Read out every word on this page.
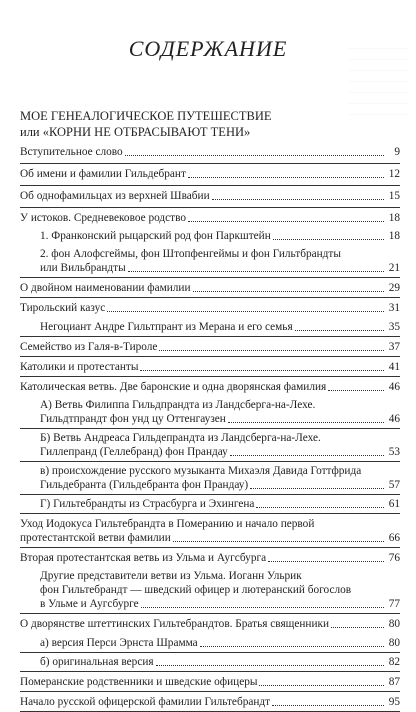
СОДЕРЖАНИЕ
МОЕ ГЕНЕАЛОГИЧЕСКОЕ ПУТЕШЕСТВИЕ
или «КОРНИ НЕ ОТБРАСЫВАЮТ ТЕНИ»
Вступительное слово	9
Об имени и фамилии Гильдебрант	12
Об однофамильцах из верхней Швабии	15
У истоков. Средневековое родство	18
1. Франконский рыцарский род фон Паркштейн	18
2. фон Алофсгеймы, фон Штопфенгеймы и фон Гильтбрандты
или Вильбрандты	21
О двойном наименовании фамилии	29
Тирольский казус	31
Негоциант Андре Гильтпрант из Мерана и его семья	35
Семейство из Галя-в-Тироле	37
Католики и протестанты	41
Католическая ветвь. Две баронские и одна дворянская фамилия	46
А) Ветвь Филиппа Гильдпрандта из Ландсберга-на-Лехе.
Гильдтпрандт фон унд цу Оттенгаузен	46
Б) Ветвь Андреаса Гильдепрандта из Ландсберга-на-Лехе.
Гиллепранд (Геллебранд) фон Прандау	53
в) происхождение русского музыканта Михаэля Давида Готтфрида
Гильдебранта (Гильдебранта фон Прандау)	57
Г) Гильтебрандты из Страсбурга и Эхингена	61
Уход Иодокуса Гильтебрандта в Померанию и начало первой
протестантской ветви фамилии	66
Вторая протестантская ветвь из Ульма и Аугсбурга	76
Другие представители ветви из Ульма. Иоганн Ульрик
фон Гильтебрандт — шведский офицер и лютеранский богослов
в Ульме и Аугсбурге	77
О дворянстве штеттинских Гильтебрандтов. Братья священники	80
а) версия Перси Эрнста Шрамма	80
б) оригинальная версия	82
Померанские родственники и шведские офицеры	87
Начало русской офицерской фамилии Гильтебрандт	95
